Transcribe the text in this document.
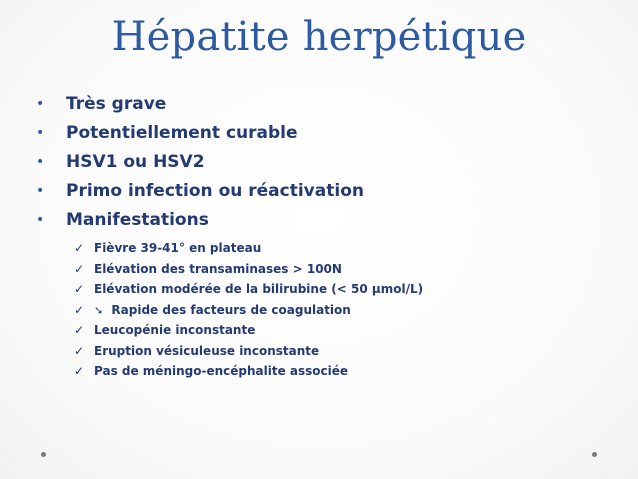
Hépatite herpétique
• Très grave
• Potentiellement curable
• HSV1 ou HSV2
• Primo infection ou réactivation
• Manifestations
✓ Fièvre 39-41° en plateau
✓ Elévation des transaminases > 100N
✓ Elévation modérée de la bilirubine (< 50 µmol/L)
✓ ➘ Rapide des facteurs de coagulation
✓ Leucopénie inconstante
✓ Eruption vésiculeuse inconstante
✓ Pas de méningo-encéphalite associée
